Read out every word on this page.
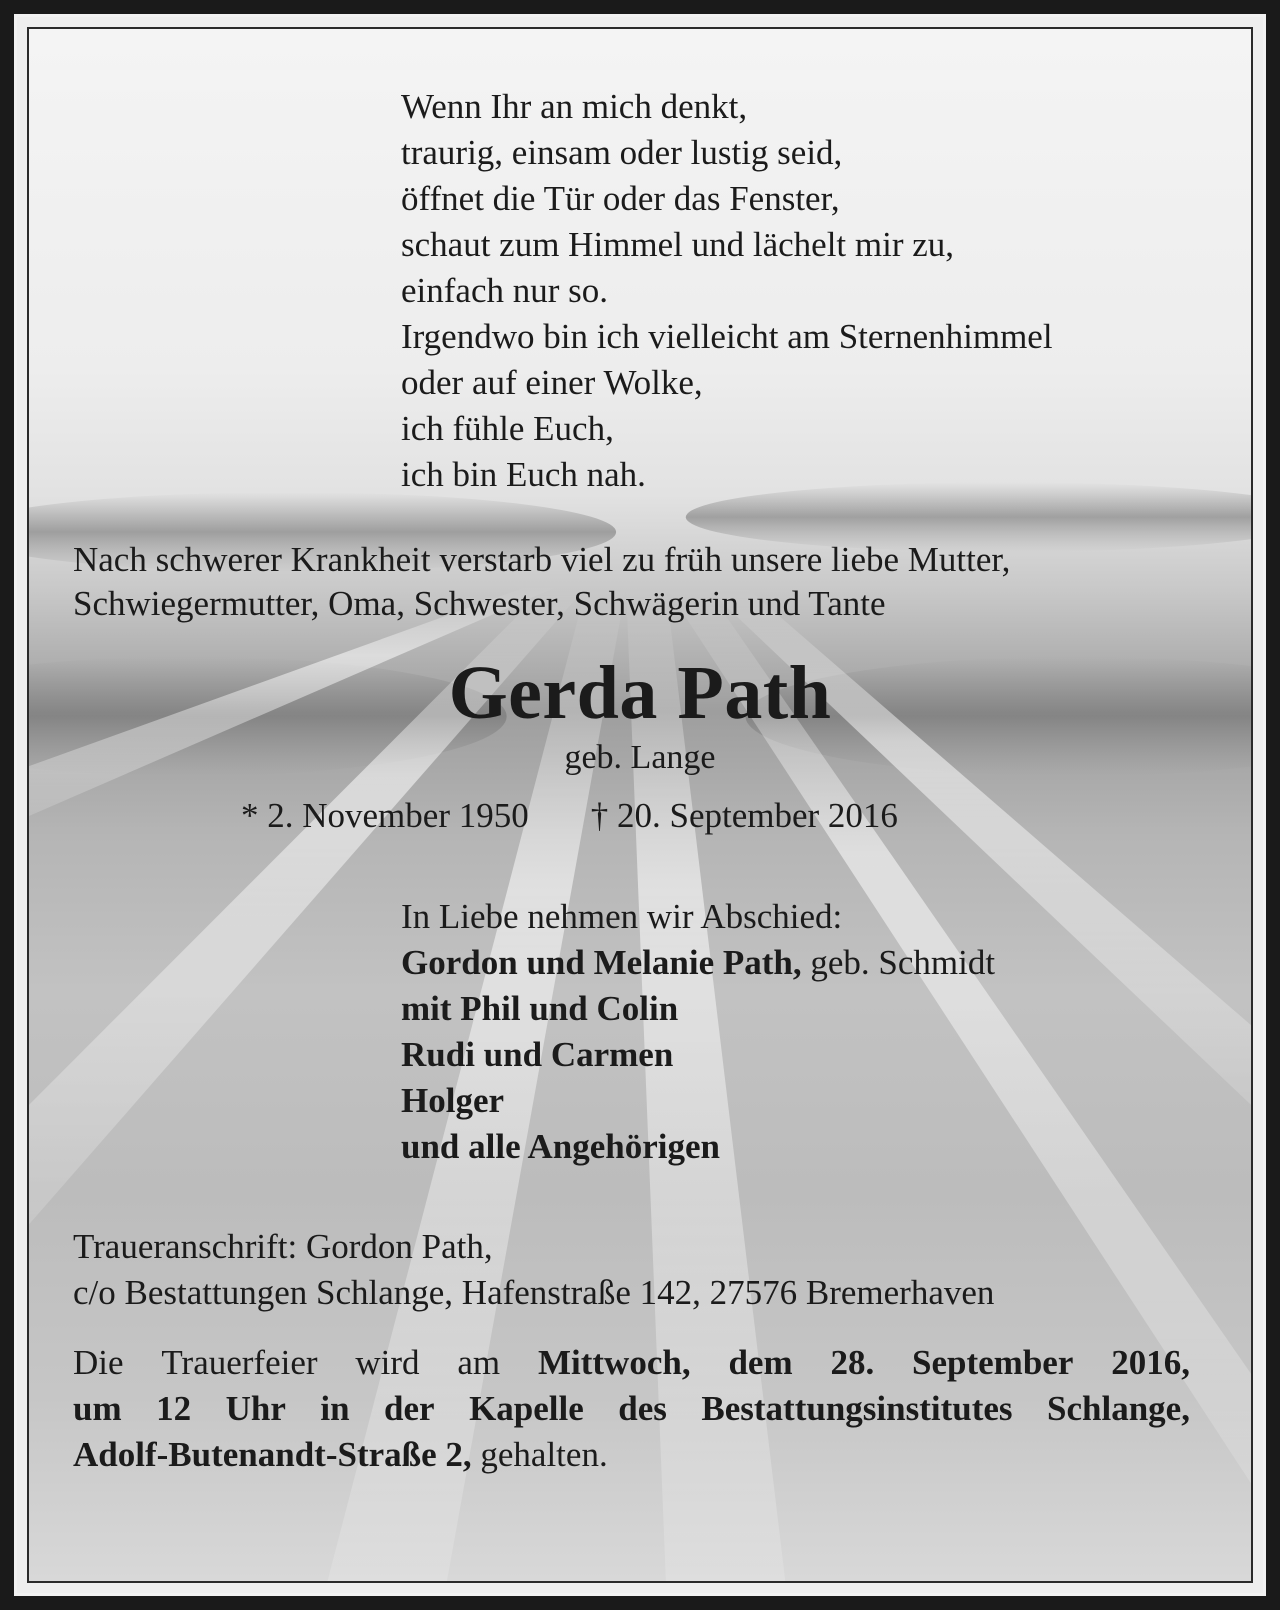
Wenn Ihr an mich denkt,
traurig, einsam oder lustig seid,
öffnet die Tür oder das Fenster,
schaut zum Himmel und lächelt mir zu,
einfach nur so.
Irgendwo bin ich vielleicht am Sternenhimmel
oder auf einer Wolke,
ich fühle Euch,
ich bin Euch nah.
Nach schwerer Krankheit verstarb viel zu früh unsere liebe Mutter,
Schwiegermutter, Oma, Schwester, Schwägerin und Tante
Gerda Path
geb. Lange
* 2. November 1950 † 20. September 2016
In Liebe nehmen wir Abschied:
Gordon und Melanie Path, geb. Schmidt
mit Phil und Colin
Rudi und Carmen
Holger
und alle Angehörigen
Traueranschrift: Gordon Path,
c/o Bestattungen Schlange, Hafenstraße 142, 27576 Bremerhaven
Die Trauerfeier wird am Mittwoch, dem 28. September 2016,
um 12 Uhr in der Kapelle des Bestattungsinstitutes Schlange,
Adolf-Butenandt-Straße 2, gehalten.
